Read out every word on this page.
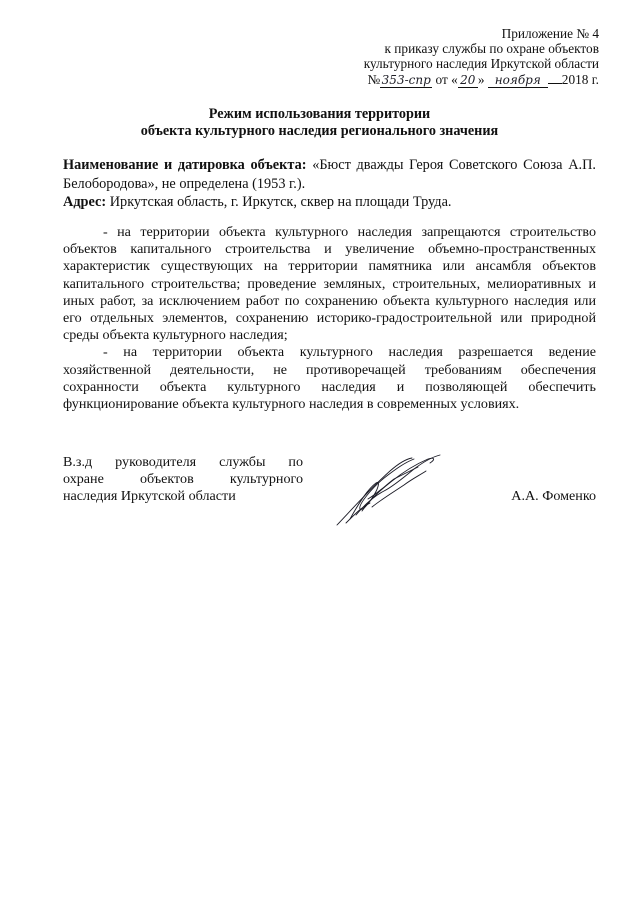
Приложение № 4
к приказу службы по охране объектов
культурного наследия Иркутской области
№353-спр от « 20 » ноября 2018 г.
Режим использования территории
объекта культурного наследия регионального значения

Наименование и датировка объекта: «Бюст дважды Героя Советского Союза А.П. Белобородова», не определена (1953 г.).

Адрес: Иркутская область, г. Иркутск, сквер на площади Труда.

- на территории объекта культурного наследия запрещаются строительство объектов капитального строительства и увеличение объемно-пространственных характеристик существующих на территории памятника или ансамбля объектов капитального строительства; проведение земляных, строительных, мелиоративных и иных работ, за исключением работ по сохранению объекта культурного наследия или его отдельных элементов, сохранению историко-градостроительной или природной среды объекта культурного наследия;

- на территории объекта культурного наследия разрешается ведение хозяйственной деятельности, не противоречащей требованиям обеспечения сохранности объекта культурного наследия и позволяющей обеспечить функционирование объекта культурного наследия в современных условиях.

В.з.д руководителя службы по
охране объектов культурного
наследия Иркутской области	А.А. Фоменко
